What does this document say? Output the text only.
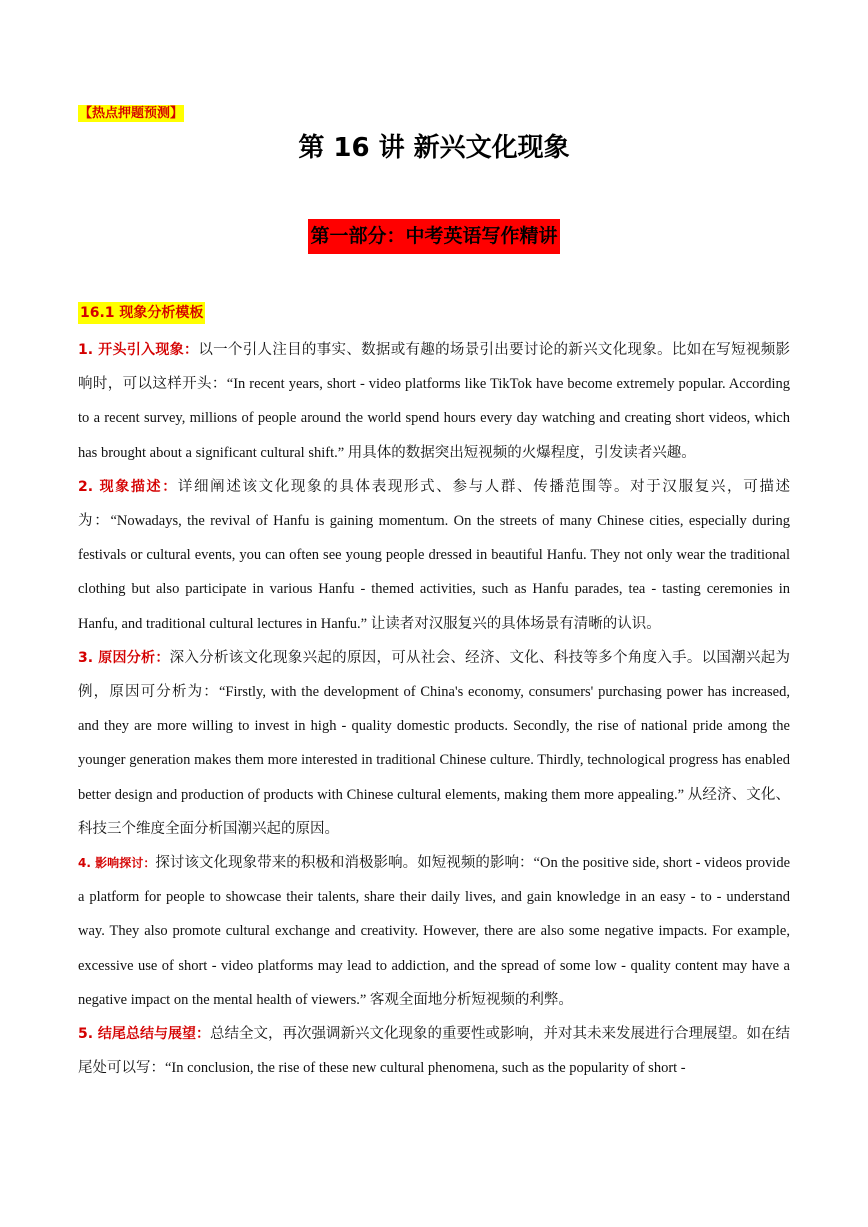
【热点押题预测】
第 16 讲 新兴文化现象
第一部分：中考英语写作精讲
16.1 现象分析模板

1. 开头引入现象：以一个引人注目的事实、数据或有趣的场景引出要讨论的新兴文化现象。比如在写短视频影响时，可以这样开头：“In recent years, short - video platforms like TikTok have become extremely popular. According to a recent survey, millions of people around the world spend hours every day watching and creating short videos, which has brought about a significant cultural shift.” 用具体的数据突出短视频的火爆程度，引发读者兴趣。

2. 现象描述：详细阐述该文化现象的具体表现形式、参与人群、传播范围等。对于汉服复兴，可描述为：“Nowadays, the revival of Hanfu is gaining momentum. On the streets of many Chinese cities, especially during festivals or cultural events, you can often see young people dressed in beautiful Hanfu. They not only wear the traditional clothing but also participate in various Hanfu - themed activities, such as Hanfu parades, tea - tasting ceremonies in Hanfu, and traditional cultural lectures in Hanfu.” 让读者对汉服复兴的具体场景有清晰的认识。

3. 原因分析：深入分析该文化现象兴起的原因，可从社会、经济、文化、科技等多个角度入手。以国潮兴起为例，原因可分析为：“Firstly, with the development of China's economy, consumers' purchasing power has increased, and they are more willing to invest in high - quality domestic products. Secondly, the rise of national pride among the younger generation makes them more interested in traditional Chinese culture. Thirdly, technological progress has enabled better design and production of products with Chinese cultural elements, making them more appealing.” 从经济、文化、科技三个维度全面分析国潮兴起的原因。

4. 影响探讨：探讨该文化现象带来的积极和消极影响。如短视频的影响：“On the positive side, short - videos provide a platform for people to showcase their talents, share their daily lives, and gain knowledge in an easy - to - understand way. They also promote cultural exchange and creativity. However, there are also some negative impacts. For example, excessive use of short - video platforms may lead to addiction, and the spread of some low - quality content may have a negative impact on the mental health of viewers.” 客观全面地分析短视频的利弊。

5. 结尾总结与展望：总结全文，再次强调新兴文化现象的重要性或影响，并对其未来发展进行合理展望。如在结尾处可以写：“In conclusion, the rise of these new cultural phenomena, such as the popularity of short -
